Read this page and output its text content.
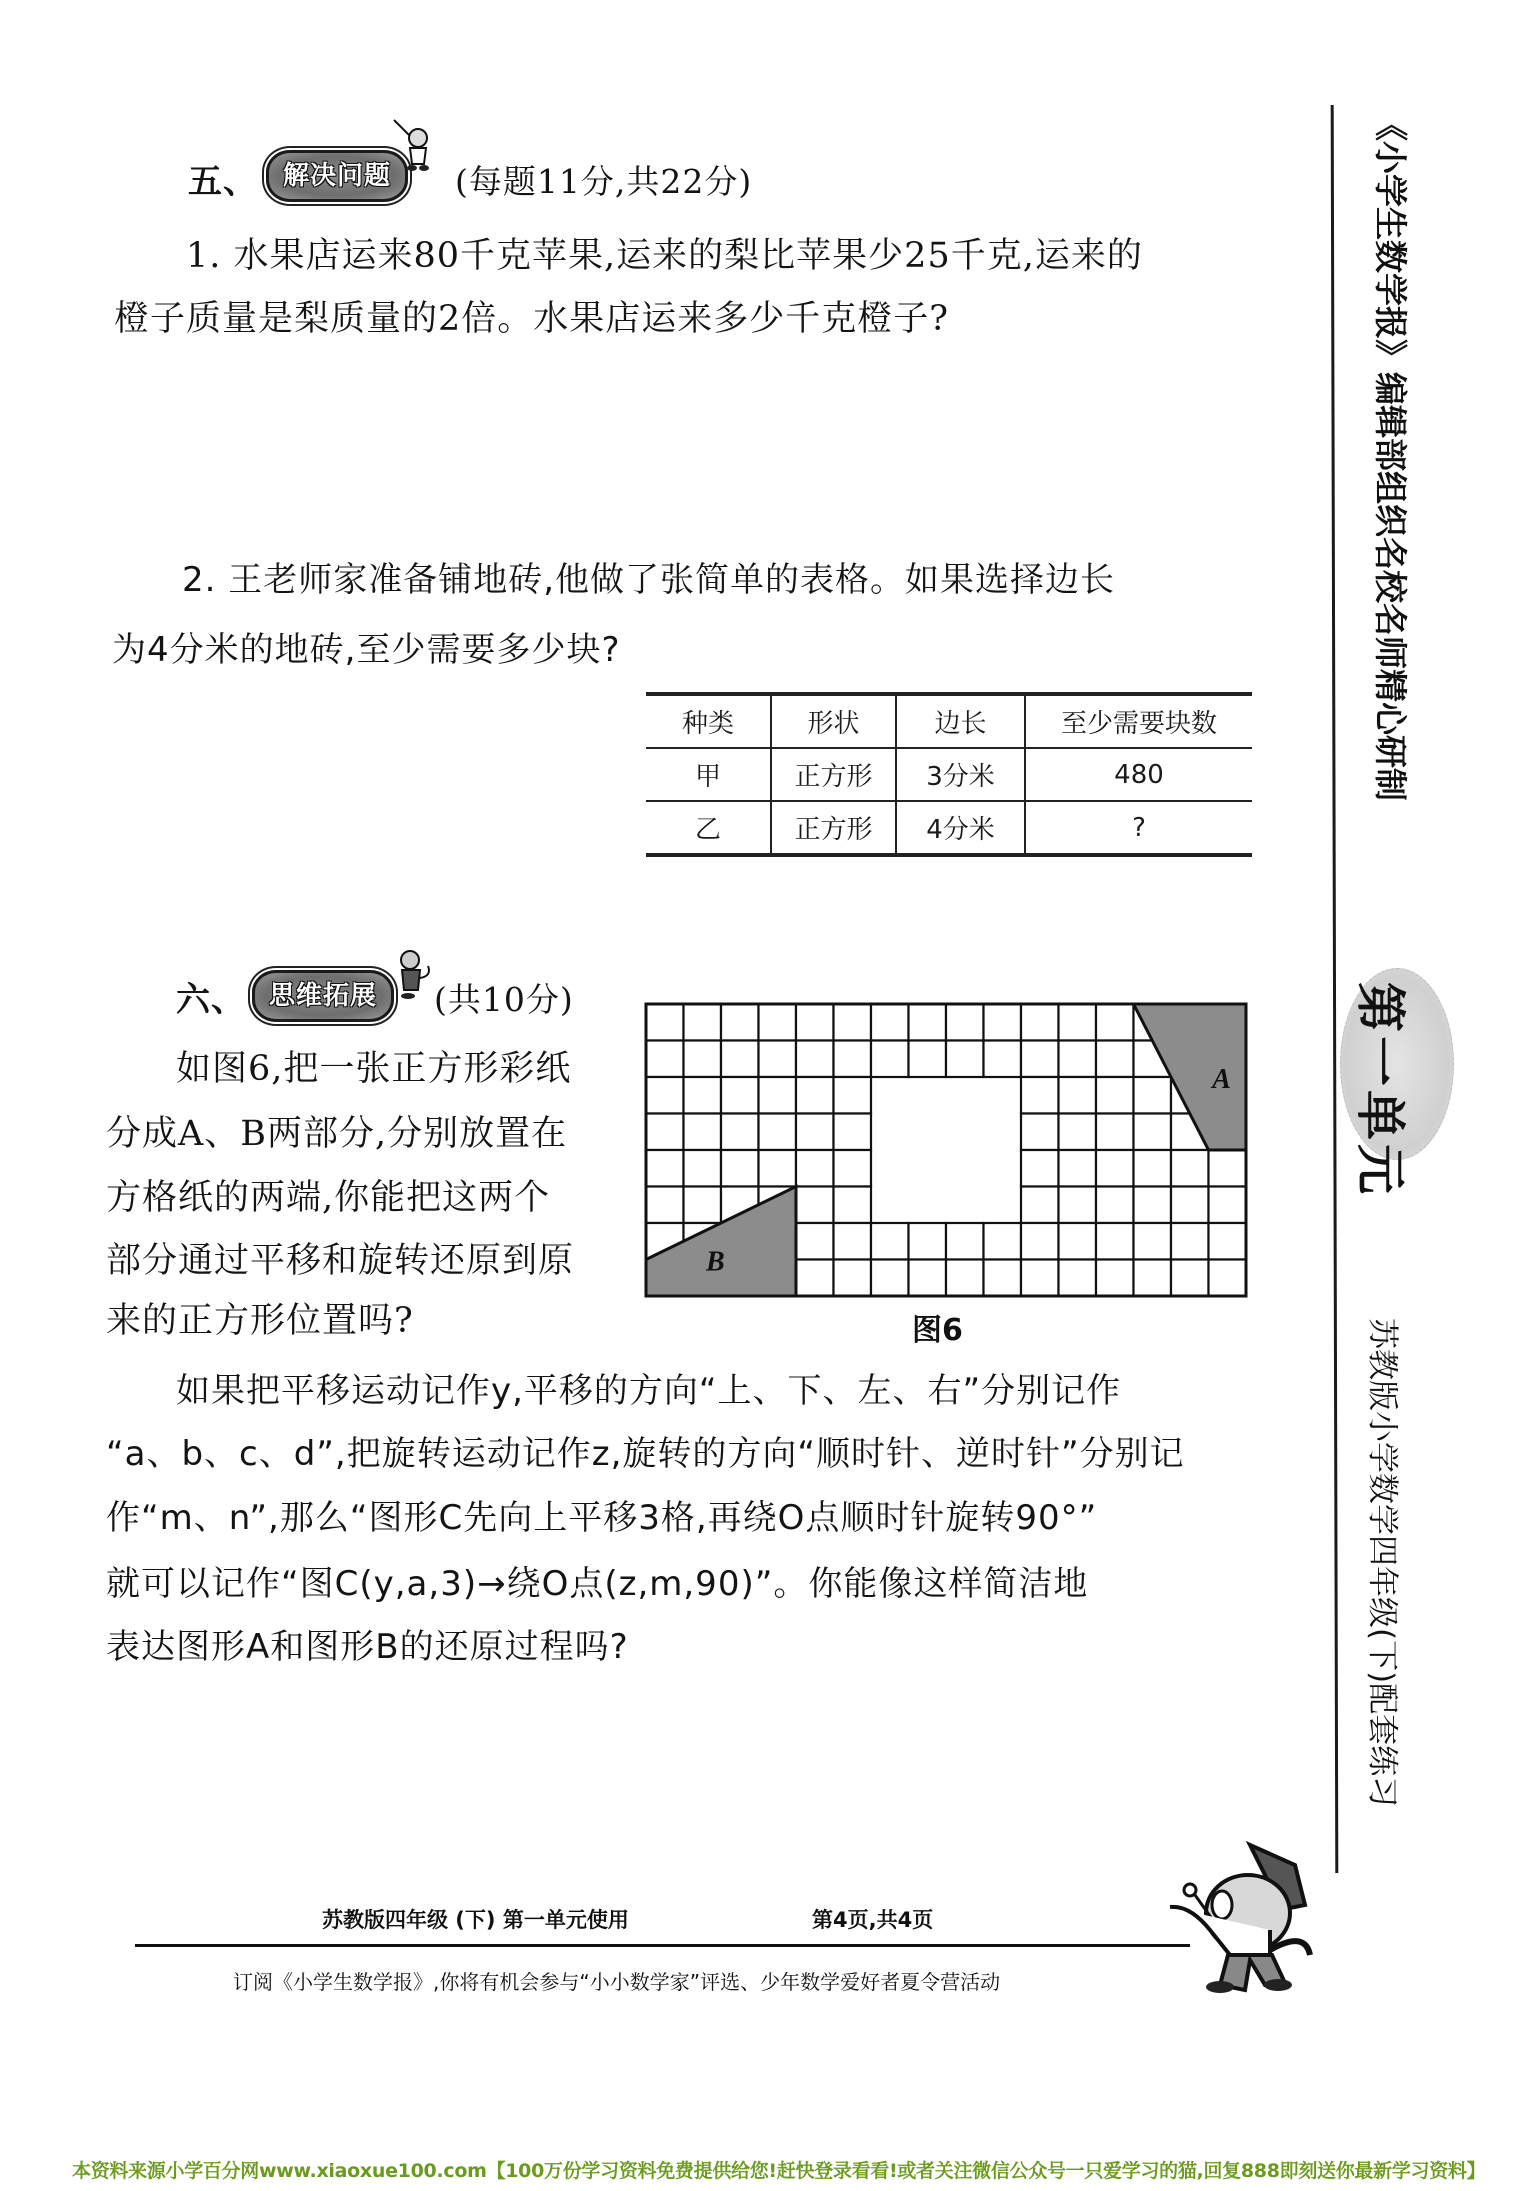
五、 解决问题	(每题11分,共22分)
1. 水果店运来80千克苹果,运来的梨比苹果少25千克,运来的
橙子质量是梨质量的2倍。水果店运来多少千克橙子?
2. 王老师家准备铺地砖,他做了张简单的表格。如果选择边长
为4分米的地砖,至少需要多少块?
种类	形状	边长	至少需要块数
甲	正方形	3分米	480
乙	正方形	4分米	?
六、 思维拓展	(共10分)
如图6,把一张正方形彩纸
分成A、B两部分,分别放置在
方格纸的两端,你能把这两个
部分通过平移和旋转还原到原
来的正方形位置吗?
A
B
图6
如果把平移运动记作y,平移的方向“上、下、左、右”分别记作
“a、b、c、d”,把旋转运动记作z,旋转的方向“顺时针、逆时针”分别记
作“m、n”,那么“图形C先向上平移3格,再绕O点顺时针旋转90°”
就可以记作“图C(y,a,3)→绕O点(z,m,90)”。你能像这样简洁地
表达图形A和图形B的还原过程吗?
《小学生数学报》编辑部组织名校名师精心研制
第一单元
苏教版小学数学四年级(下)配套练习
苏教版四年级 (下) 第一单元使用	第4页,共4页
订阅《小学生数学报》,你将有机会参与“小小数学家”评选、少年数学爱好者夏令营活动
本资料来源小学百分网www.xiaoxue100.com【100万份学习资料免费提供给您!赶快登录看看!或者关注微信公众号一只爱学习的猫,回复888即刻送你最新学习资料】
